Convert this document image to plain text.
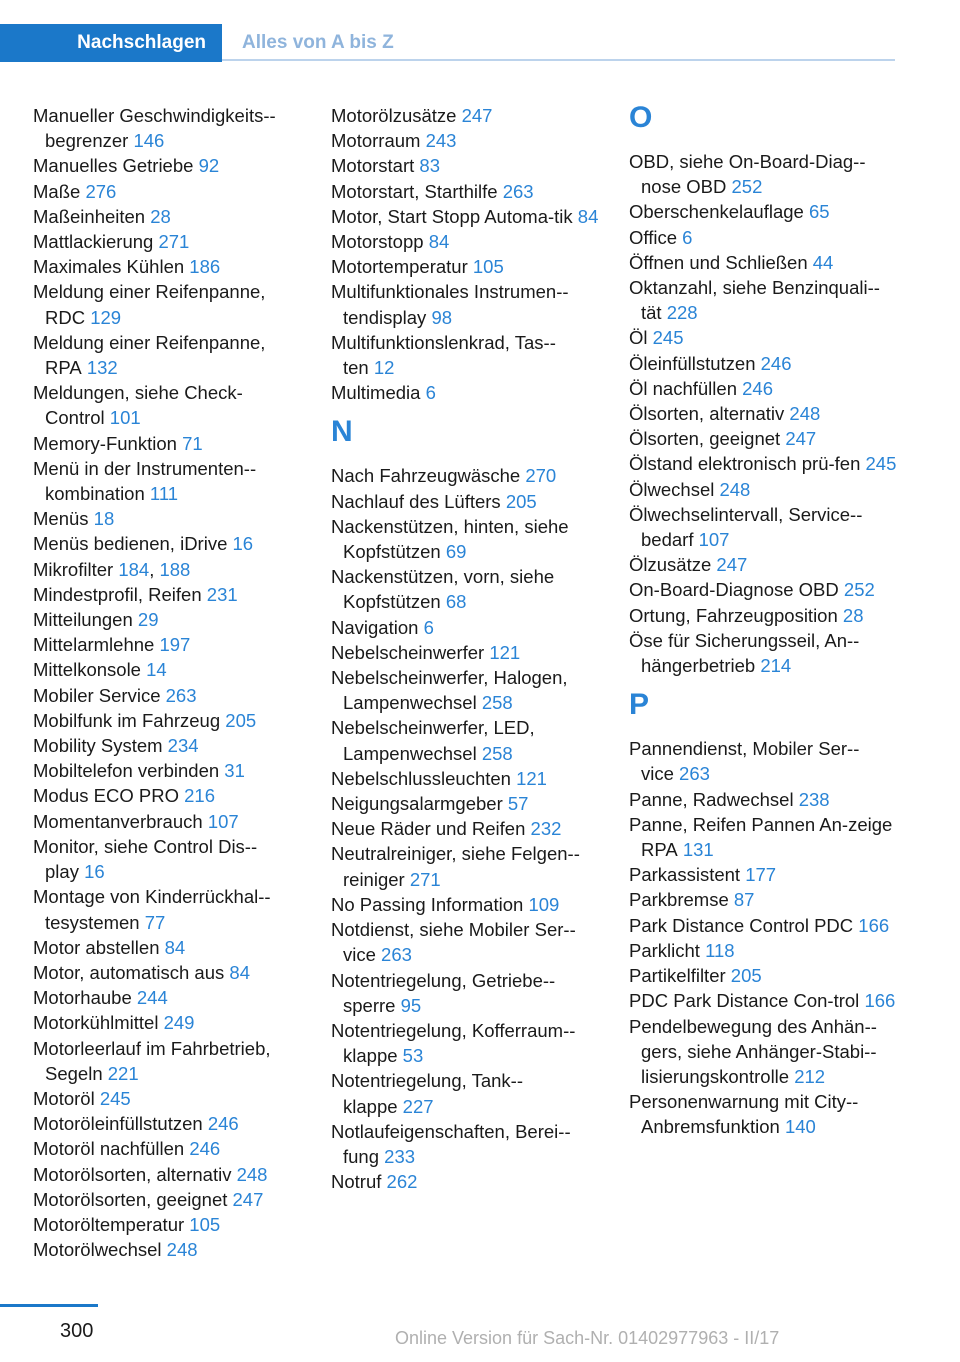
Nachschlagen Alles von A bis Z
Manueller Geschwindigkeits-begrenzer 146
Manuelles Getriebe 92
Maße 276
Maßeinheiten 28
Mattlackierung 271
Maximales Kühlen 186
Meldung einer Reifenpanne, RDC 129
Meldung einer Reifenpanne, RPA 132
Meldungen, siehe Check-Control 101
Memory-Funktion 71
Menü in der Instrumenten-kombination 111
Menüs 18
Menüs bedienen, iDrive 16
Mikrofilter 184, 188
Mindestprofil, Reifen 231
Mitteilungen 29
Mittelarmlehne 197
Mittelkonsole 14
Mobiler Service 263
Mobilfunk im Fahrzeug 205
Mobility System 234
Mobiltelefon verbinden 31
Modus ECO PRO 216
Momentanverbrauch 107
Monitor, siehe Control Dis-play 16
Montage von Kinderrückhal-tesystemen 77
Motor abstellen 84
Motor, automatisch aus 84
Motorhaube 244
Motorkühlmittel 249
Motorleerlauf im Fahrbetrieb, Segeln 221
Motoröl 245
Motoröleinfüllstutzen 246
Motoröl nachfüllen 246
Motorölsorten, alternativ 248
Motorölsorten, geeignet 247
Motoröltemperatur 105
Motorölwechsel 248
Motorölzusätze 247
Motorraum 243
Motorstart 83
Motorstart, Starthilfe 263
Motor, Start Stopp Automa-tik 84
Motorstopp 84
Motortemperatur 105
Multifunktionales Instrumen-tendisplay 98
Multifunktionslenkrad, Tas-ten 12
Multimedia 6
N
Nach Fahrzeugwäsche 270
Nachlauf des Lüfters 205
Nackenstützen, hinten, siehe Kopfstützen 69
Nackenstützen, vorn, siehe Kopfstützen 68
Navigation 6
Nebelscheinwerfer 121
Nebelscheinwerfer, Halogen, Lampenwechsel 258
Nebelscheinwerfer, LED, Lampenwechsel 258
Nebelschlussleuchten 121
Neigungsalarmgeber 57
Neue Räder und Reifen 232
Neutralreiniger, siehe Felgen-reiniger 271
No Passing Information 109
Notdienst, siehe Mobiler Ser-vice 263
Notentriegelung, Getriebe-sperre 95
Notentriegelung, Kofferraum-klappe 53
Notentriegelung, Tank-klappe 227
Notlaufeigenschaften, Berei-fung 233
Notruf 262
O
OBD, siehe On-Board-Diag-nose OBD 252
Oberschenkelauflage 65
Office 6
Öffnen und Schließen 44
Oktanzahl, siehe Benzinquali-tät 228
Öl 245
Öleinfüllstutzen 246
Öl nachfüllen 246
Ölsorten, alternativ 248
Ölsorten, geeignet 247
Ölstand elektronisch prü-fen 245
Ölwechsel 248
Ölwechselintervall, Service-bedarf 107
Ölzusätze 247
On-Board-Diagnose OBD 252
Ortung, Fahrzeugposition 28
Öse für Sicherungsseil, An-hängerbetrieb 214
P
Pannendienst, Mobiler Ser-vice 263
Panne, Radwechsel 238
Panne, Reifen Pannen An-zeige RPA 131
Parkassistent 177
Parkbremse 87
Park Distance Control PDC 166
Parklicht 118
Partikelfilter 205
PDC Park Distance Con-trol 166
Pendelbewegung des Anhän-gers, siehe Anhänger-Stabi-lisierungskontrolle 212
Personenwarnung mit City-Anbremsfunktion 140
300	Online Version für Sach-Nr. 01402977963 - II/17
